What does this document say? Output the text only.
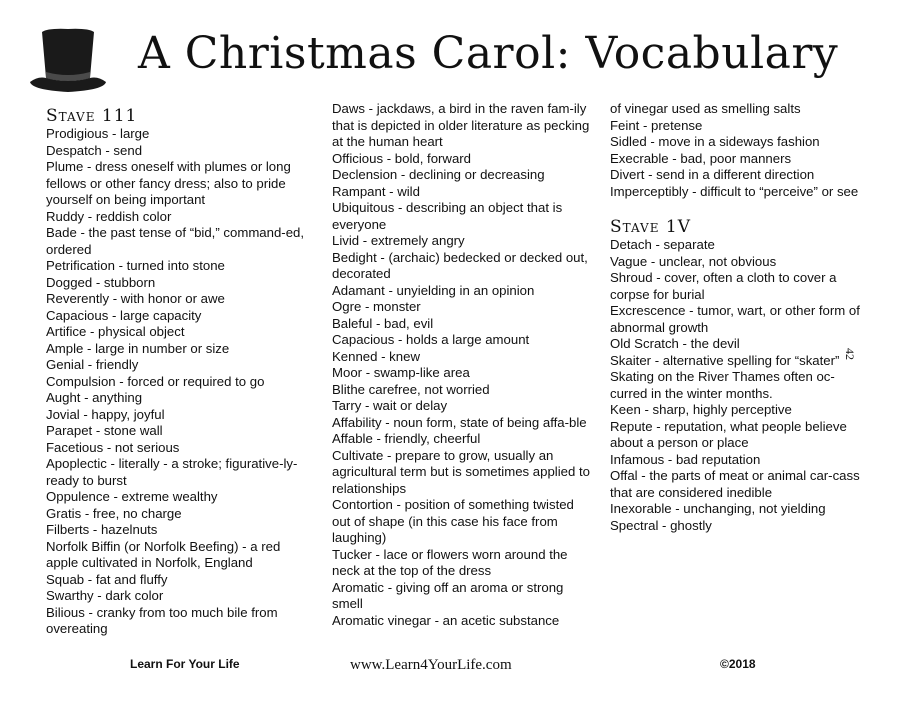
A Christmas Carol: Vocabulary
Stave 111
Prodigious - large
Despatch - send
Plume - dress oneself with plumes or long fellows or other fancy dress; also to pride yourself on being important
Ruddy - reddish color
Bade - the past tense of “bid,” command-ed, ordered
Petrification - turned into stone
Dogged - stubborn
Reverently - with honor or awe
Capacious - large capacity
Artifice - physical object
Ample - large in number or size
Genial - friendly
Compulsion - forced or required to go
Aught - anything
Jovial - happy, joyful
Parapet - stone wall
Facetious - not serious
Apoplectic - literally - a stroke; figurative-ly-ready to burst
Oppulence - extreme wealthy
Gratis - free, no charge
Filberts - hazelnuts
Norfolk Biffin (or Norfolk Beefing) - a red apple cultivated in Norfolk, England
Squab - fat and fluffy
Swarthy - dark color
Bilious - cranky from too much bile from overeating
Daws - jackdaws, a bird in the raven fam-ily that is depicted in older literature as pecking at the human heart
Officious - bold, forward
Declension - declining or decreasing
Rampant - wild
Ubiquitous - describing an object that is everyone
Livid - extremely angry
Bedight - (archaic) bedecked or decked out, decorated
Adamant - unyielding in an opinion
Ogre - monster
Baleful - bad, evil
Capacious - holds a large amount
Kenned - knew
Moor - swamp-like area
Blithe carefree, not worried
Tarry - wait or delay
Affability - noun form, state of being affa-ble
Affable - friendly, cheerful
Cultivate - prepare to grow, usually an agricultural term but is sometimes applied to relationships
Contortion - position of something twisted out of shape (in this case his face from laughing)
Tucker - lace or flowers worn around the neck at the top of the dress
Aromatic - giving off an aroma or strong smell
Aromatic vinegar - an acetic substance
of vinegar used as smelling salts
Feint - pretense
Sidled - move in a sideways fashion
Execrable - bad, poor manners
Divert - send in a different direction
Imperceptibly - difficult to “perceive” or see
Stave 1V
Detach - separate
Vague - unclear, not obvious
Shroud - cover, often a cloth to cover a corpse for burial
Excrescence - tumor, wart, or other form of abnormal growth
Old Scratch - the devil
Skaiter - alternative spelling for “skater”
Skating on the River Thames often oc-curred in the winter months.
Keen - sharp, highly perceptive
Repute - reputation, what people believe about a person or place
Infamous - bad reputation
Offal - the parts of meat or animal car-cass that are considered inedible
Inexorable - unchanging, not yielding
Spectral - ghostly
42
Learn For Your Life	www.Learn4YourLife.com	©2018
